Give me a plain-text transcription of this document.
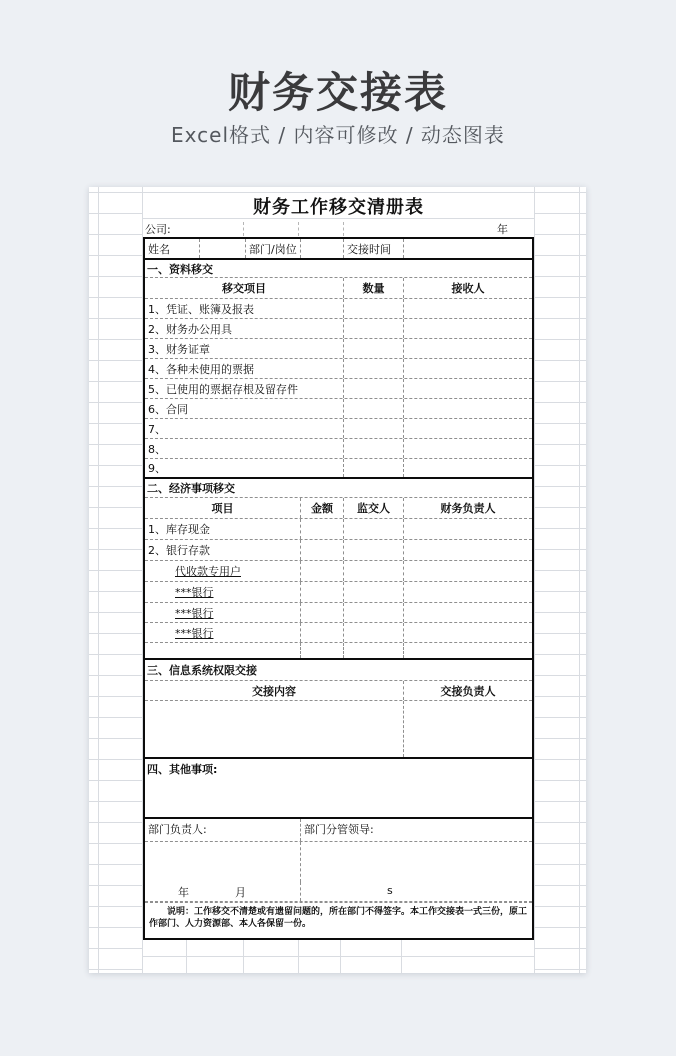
财务交接表
Excel格式 / 内容可修改 / 动态图表
财务工作移交清册表
公司:	年
姓名	部门/岗位	交接时间
一、资料移交
移交项目	数量	接收人
1、凭证、账簿及报表
2、财务办公用具
3、财务证章
4、各种未使用的票据
5、已使用的票据存根及留存件
6、合同
7、
8、
9、
二、经济事项移交
项目	金额	监交人	财务负责人
1、库存现金
2、银行存款
代收款专用户
***银行
***银行
***银行
三、信息系统权限交接
交接内容	交接负责人
四、其他事项:
部门负责人:	部门分管领导:
年	月	s
说明：工作移交不清楚或有遗留问题的，所在部门不得签字。本工作交接表一式三份，原工作部门、人力资源部、本人各保留一份。
